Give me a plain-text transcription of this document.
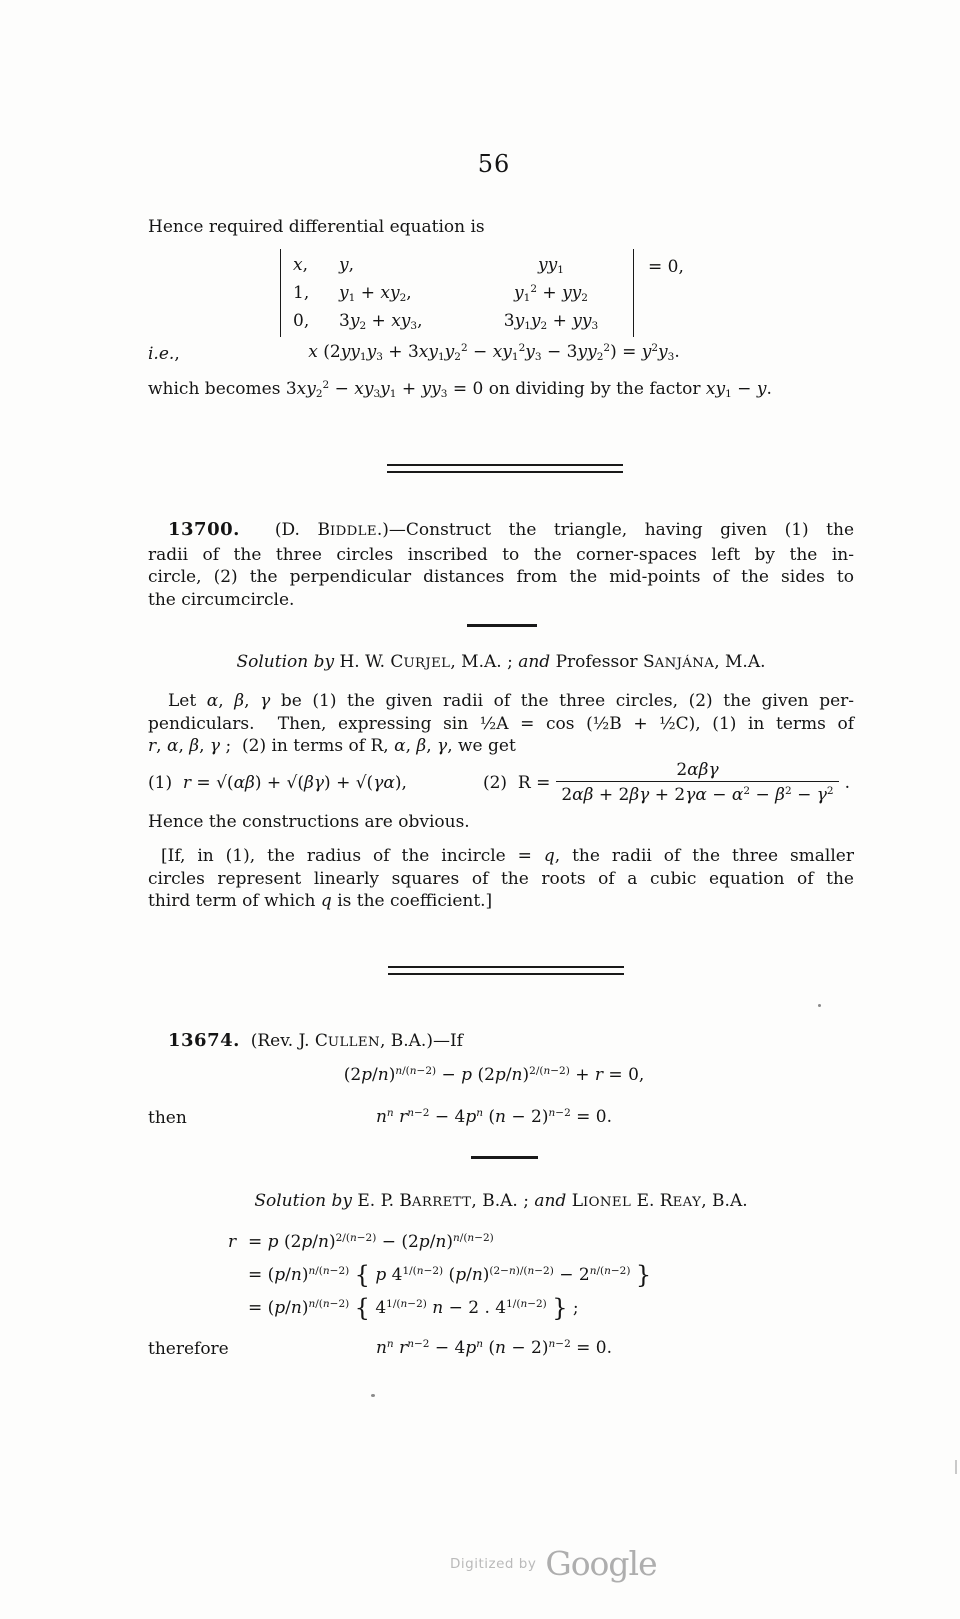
56
Hence required differential equation is
x,	y,	$yy_1$
1,	$y_1 + xy_2$,	$y_1^2 + yy_2$
0,	$3y_2 + xy_3$,	$3y_1y_2 + yy_3$
= 0,
i.e.,	x $(2yy_1y_3 + 3xy_1y_2^2 - xy_1^2y_3 - 3yy_2^2) = y^2y_3$.
which becomes $3xy_2^2 - xy_3y_1 + yy_3 = 0$ on dividing by the factor $xy_1 - y$.
13700.  (D. BIDDLE.)—Construct the triangle, having given (1) the
radii of the three circles inscribed to the corner-spaces left by the in-
circle, (2) the perpendicular distances from the mid-points of the sides to
the circumcircle.
Solution by H. W. CURJEL, M.A. ; and Professor SANJÁNA, M.A.
Let α, β, γ be (1) the given radii of the three circles, (2) the given per-
pendiculars.  Then, expressing sin ½A = cos (½B + ½C), (1) in terms of
r, α, β, γ ;  (2) in terms of R, α, β, γ, we get
(1)  r = √(αβ) + √(βγ) + √(γα),	(2)  $R = \frac{\text{2αβγ}}{2\alpha\beta + 2\beta\gamma + 2\gamma\alpha - \alpha^2 - \beta^2 - \gamma^2}$ .
Hence the constructions are obvious.
[If, in (1), the radius of the incircle = q, the radii of the three smaller
circles represent linearly squares of the roots of a cubic equation of the
third term of which q is the coefficient.]
13674.  (Rev. J. CULLEN, B.A.)—If
$(2p/n)^{n/(n-2)} - p$ $(2p/n)^{2/(n-2)} + r = 0$,
then	$n^n$ $r^{n-2} - 4p^n$ $(n - 2)^{n-2} = 0$.
Solution by E. P. BARRETT, B.A. ; and LIONEL E. REAY, B.A.
r = p $(2p/n)^{2/(n-2)} - (2p/n)^{n/(n-2)}$
= $(p/n)^{n/(n-2)}$ { p $4^{1/(n-2)}$ $(p/n)^{(2-n)/(n-2)} - 2^{n/(n-2)}$ }
= $(p/n)^{n/(n-2)}$ { $4^{1/(n-2)}$ n − 2 . $4^{1/(n-2)}$ } ;
therefore	$n^n$ $r^{n-2} - 4p^n$ $(n - 2)^{n-2} = 0$.
Digitized by Google
